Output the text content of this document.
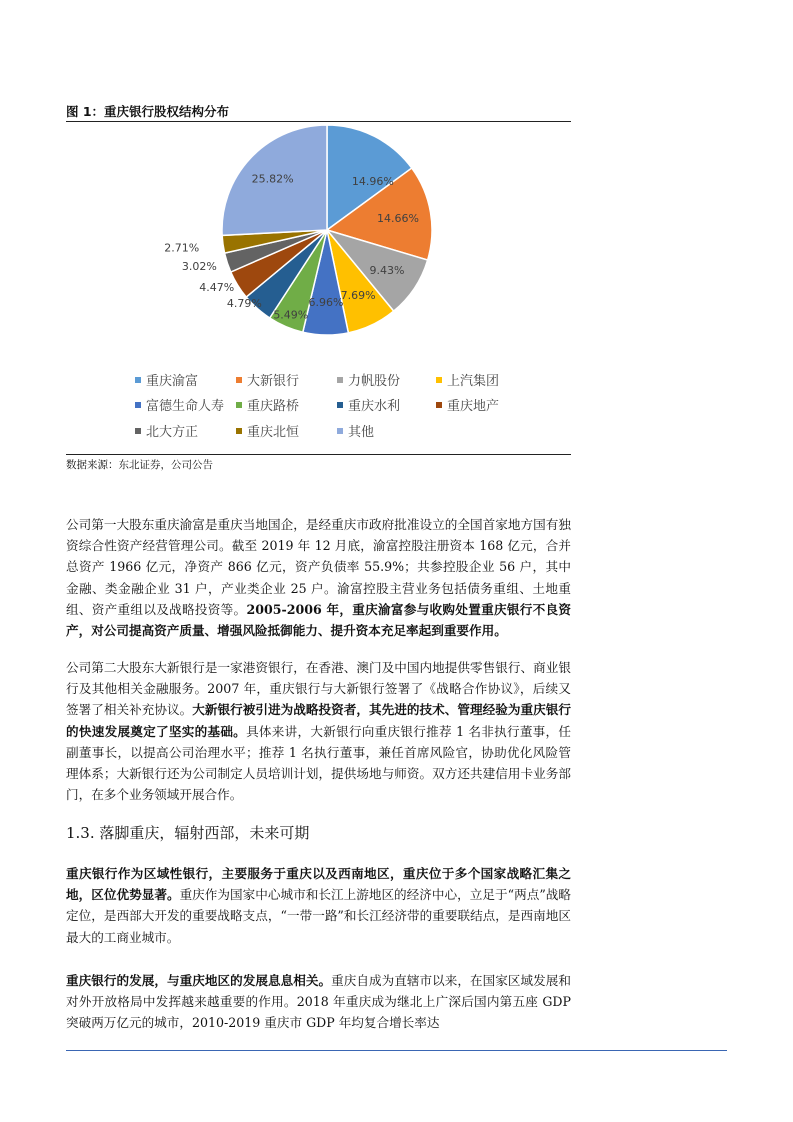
图 1：重庆银行股权结构分布
14.96%
14.66%
9.43%
7.69%
6.96%
5.49%
4.79%
4.47%
3.02%
2.71%
25.82%
重庆渝富	大新银行	力帆股份	上汽集团
富德生命人寿 重庆路桥	重庆水利	重庆地产
北大方正	重庆北恒	其他
数据来源：东北证券，公司公告

公司第一大股东重庆渝富是重庆当地国企，是经重庆市政府批准设立的全国首家地方国有独资综合性资产经营管理公司。截至 2019 年 12 月底，渝富控股注册资本 168 亿元，合并总资产 1966 亿元，净资产 866 亿元，资产负债率 55.9%；共参控股企业 56 户，其中金融、类金融企业 31 户，产业类企业 25 户。渝富控股主营业务包括债务重组、土地重组、资产重组以及战略投资等。2005-2006 年，重庆渝富参与收购处置重庆银行不良资产，对公司提高资产质量、增强风险抵御能力、提升资本充足率起到重要作用。

公司第二大股东大新银行是一家港资银行，在香港、澳门及中国内地提供零售银行、商业银行及其他相关金融服务。2007 年，重庆银行与大新银行签署了《战略合作协议》，后续又签署了相关补充协议。大新银行被引进为战略投资者，其先进的技术、管理经验为重庆银行的快速发展奠定了坚实的基础。具体来讲，大新银行向重庆银行推荐 1 名非执行董事，任副董事长，以提高公司治理水平；推荐 1 名执行董事，兼任首席风险官，协助优化风险管理体系；大新银行还为公司制定人员培训计划，提供场地与师资。双方还共建信用卡业务部门，在多个业务领域开展合作。

1.3. 落脚重庆，辐射西部，未来可期

重庆银行作为区域性银行，主要服务于重庆以及西南地区，重庆位于多个国家战略汇集之地，区位优势显著。重庆作为国家中心城市和长江上游地区的经济中心，立足于“两点”战略定位，是西部大开发的重要战略支点，“一带一路”和长江经济带的重要联结点，是西南地区最大的工商业城市。

重庆银行的发展，与重庆地区的发展息息相关。重庆自成为直辖市以来，在国家区域发展和对外开放格局中发挥越来越重要的作用。2018 年重庆成为继北上广深后国内第五座 GDP 突破两万亿元的城市，2010-2019 重庆市 GDP 年均复合增长率达
